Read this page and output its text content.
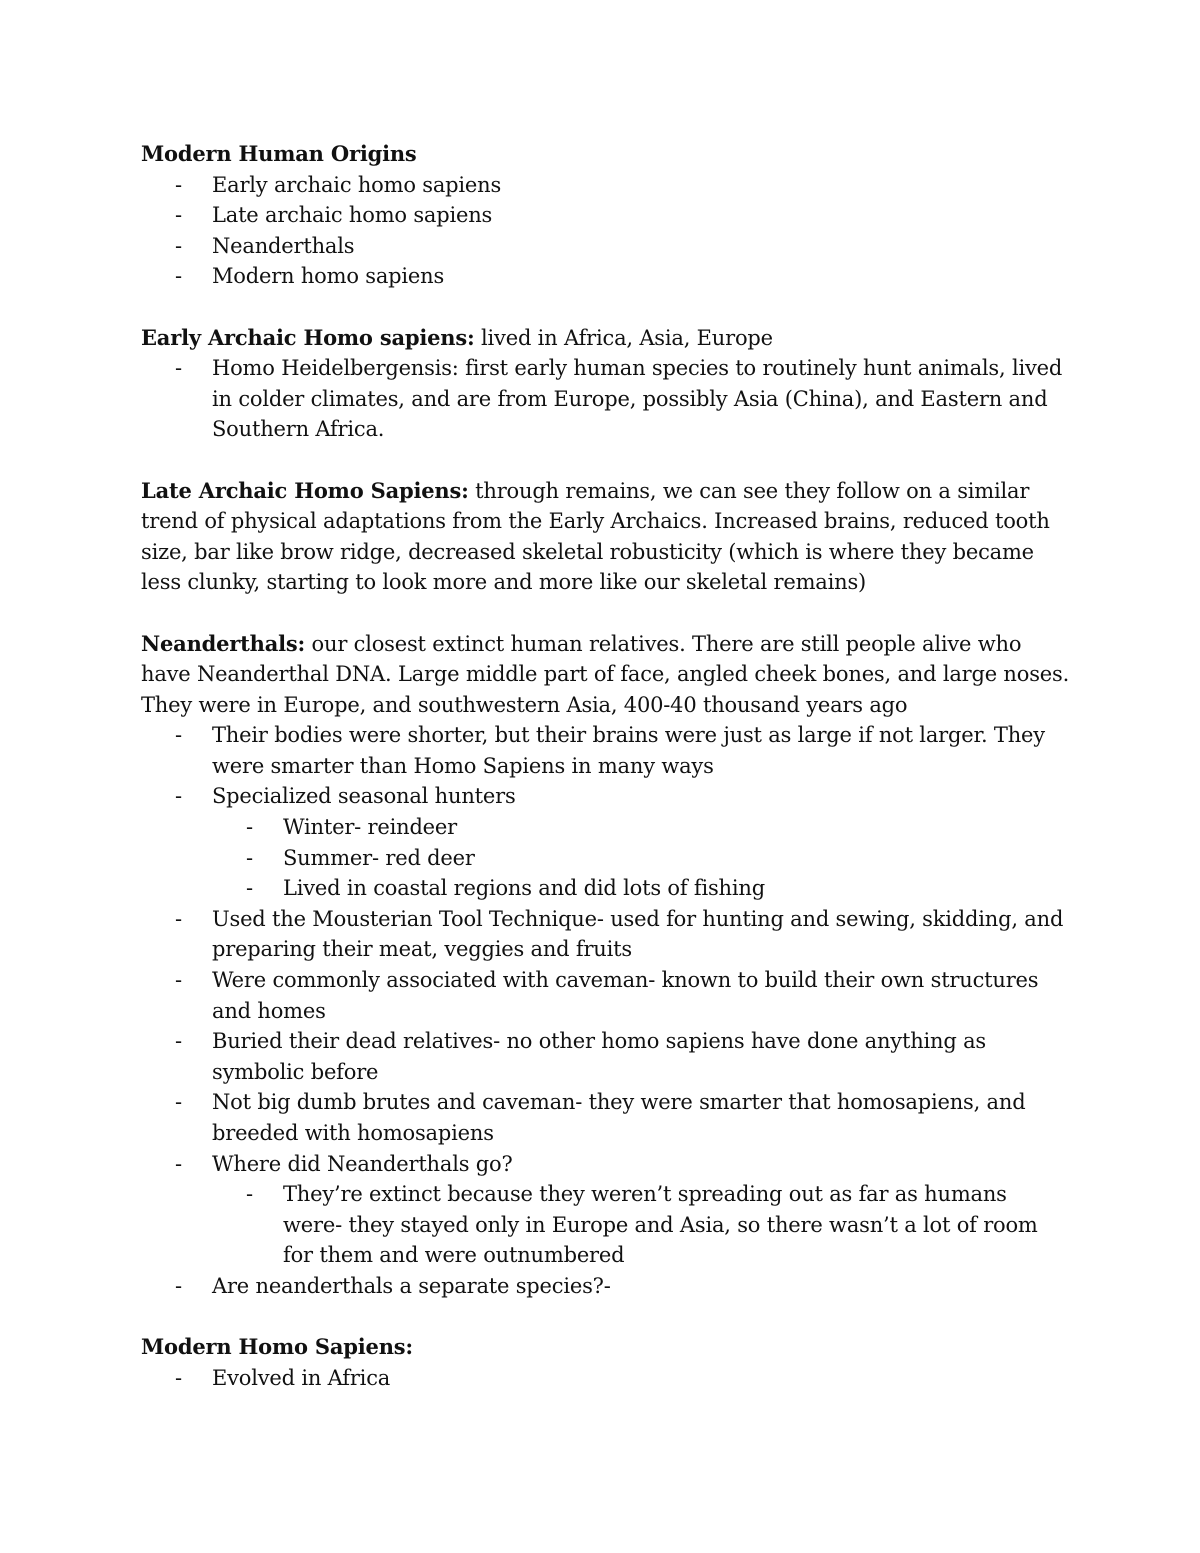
Modern Human Origins

- Early archaic homo sapiens
- Late archaic homo sapiens
- Neanderthals
- Modern homo sapiens

Early Archaic Homo sapiens: lived in Africa, Asia, Europe

- Homo Heidelbergensis: first early human species to routinely hunt animals, lived in colder climates, and are from Europe, possibly Asia (China), and Eastern and Southern Africa.

Late Archaic Homo Sapiens: through remains, we can see they follow on a similar trend of physical adaptations from the Early Archaics. Increased brains, reduced tooth size, bar like brow ridge, decreased skeletal robusticity (which is where they became less clunky, starting to look more and more like our skeletal remains)

Neanderthals: our closest extinct human relatives. There are still people alive who have Neanderthal DNA. Large middle part of face, angled cheek bones, and large noses. They were in Europe, and southwestern Asia, 400-40 thousand years ago

- Their bodies were shorter, but their brains were just as large if not larger. They were smarter than Homo Sapiens in many ways
- Specialized seasonal hunters
- Winter- reindeer
- Summer- red deer
- Lived in coastal regions and did lots of fishing
- Used the Mousterian Tool Technique- used for hunting and sewing, skidding, and preparing their meat, veggies and fruits
- Were commonly associated with caveman- known to build their own structures and homes
- Buried their dead relatives- no other homo sapiens have done anything as symbolic before
- Not big dumb brutes and caveman- they were smarter that homosapiens, and breeded with homosapiens
- Where did Neanderthals go?
- They’re extinct because they weren’t spreading out as far as humans were- they stayed only in Europe and Asia, so there wasn’t a lot of room for them and were outnumbered
- Are neanderthals a separate species?-

Modern Homo Sapiens:

- Evolved in Africa
